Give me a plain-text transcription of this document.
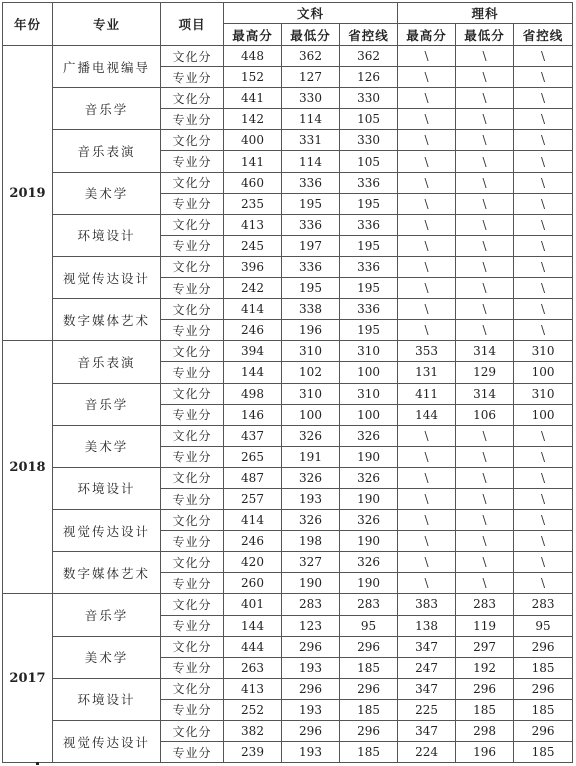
年份	专业	项目	文科			理科		
			最高分	最低分	省控线	最高分	最低分	省控线
2019	广播电视编导	文化分	448	362	362	\	\	\
		专业分	152	127	126	\	\	\
	音乐学	文化分	441	330	330	\	\	\
		专业分	142	114	105	\	\	\
	音乐表演	文化分	400	331	330	\	\	\
		专业分	141	114	105	\	\	\
	美术学	文化分	460	336	336	\	\	\
		专业分	235	195	195	\	\	\
	环境设计	文化分	413	336	336	\	\	\
		专业分	245	197	195	\	\	\
	视觉传达设计	文化分	396	336	336	\	\	\
		专业分	242	195	195	\	\	\
	数字媒体艺术	文化分	414	338	336	\	\	\
		专业分	246	196	195	\	\	\
2018	音乐表演	文化分	394	310	310	353	314	310
		专业分	144	102	100	131	129	100
	音乐学	文化分	498	310	310	411	314	310
		专业分	146	100	100	144	106	100
	美术学	文化分	437	326	326	\	\	\
		专业分	265	191	190	\	\	\
	环境设计	文化分	487	326	326	\	\	\
		专业分	257	193	190	\	\	\
	视觉传达设计	文化分	414	326	326	\	\	\
		专业分	246	198	190	\	\	\
	数字媒体艺术	文化分	420	327	326	\	\	\
		专业分	260	190	190	\	\	\
2017	音乐学	文化分	401	283	283	383	283	283
		专业分	144	123	95	138	119	95
	美术学	文化分	444	296	296	347	297	296
		专业分	263	193	185	247	192	185
	环境设计	文化分	413	296	296	347	296	296
		专业分	252	193	185	225	185	185
	视觉传达设计	文化分	382	296	296	347	298	296
		专业分	239	193	185	224	196	185
